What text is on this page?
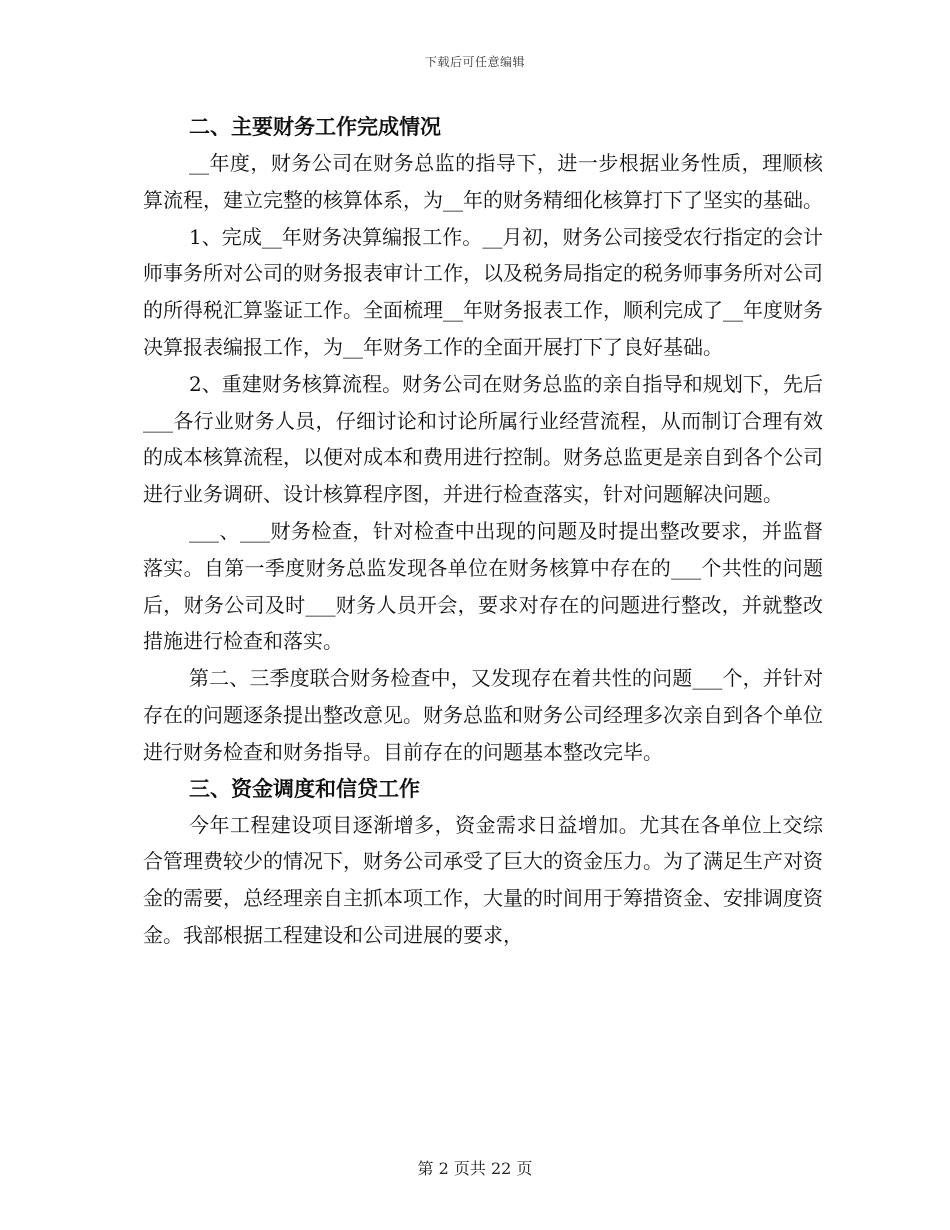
下载后可任意编辑
二、主要财务工作完成情况

__年度，财务公司在财务总监的指导下，进一步根据业务性质，理顺核算流程，建立完整的核算体系，为__年的财务精细化核算打下了坚实的基础。

1、完成__年财务决算编报工作。__月初，财务公司接受农行指定的会计师事务所对公司的财务报表审计工作，以及税务局指定的税务师事务所对公司的所得税汇算鉴证工作。全面梳理__年财务报表工作，顺利完成了__年度财务决算报表编报工作，为__年财务工作的全面开展打下了良好基础。

2、重建财务核算流程。财务公司在财务总监的亲自指导和规划下，先后___各行业财务人员，仔细讨论和讨论所属行业经营流程，从而制订合理有效的成本核算流程，以便对成本和费用进行控制。财务总监更是亲自到各个公司进行业务调研、设计核算程序图，并进行检查落实，针对问题解决问题。

___、___财务检查，针对检查中出现的问题及时提出整改要求，并监督落实。自第一季度财务总监发现各单位在财务核算中存在的___个共性的问题后，财务公司及时___财务人员开会，要求对存在的问题进行整改，并就整改措施进行检查和落实。

第二、三季度联合财务检查中，又发现存在着共性的问题___个，并针对存在的问题逐条提出整改意见。财务总监和财务公司经理多次亲自到各个单位进行财务检查和财务指导。目前存在的问题基本整改完毕。

三、资金调度和信贷工作

今年工程建设项目逐渐增多，资金需求日益增加。尤其在各单位上交综合管理费较少的情况下，财务公司承受了巨大的资金压力。为了满足生产对资金的需要，总经理亲自主抓本项工作，大量的时间用于筹措资金、安排调度资金。我部根据工程建设和公司进展的要求，

第 2 页共 22 页
